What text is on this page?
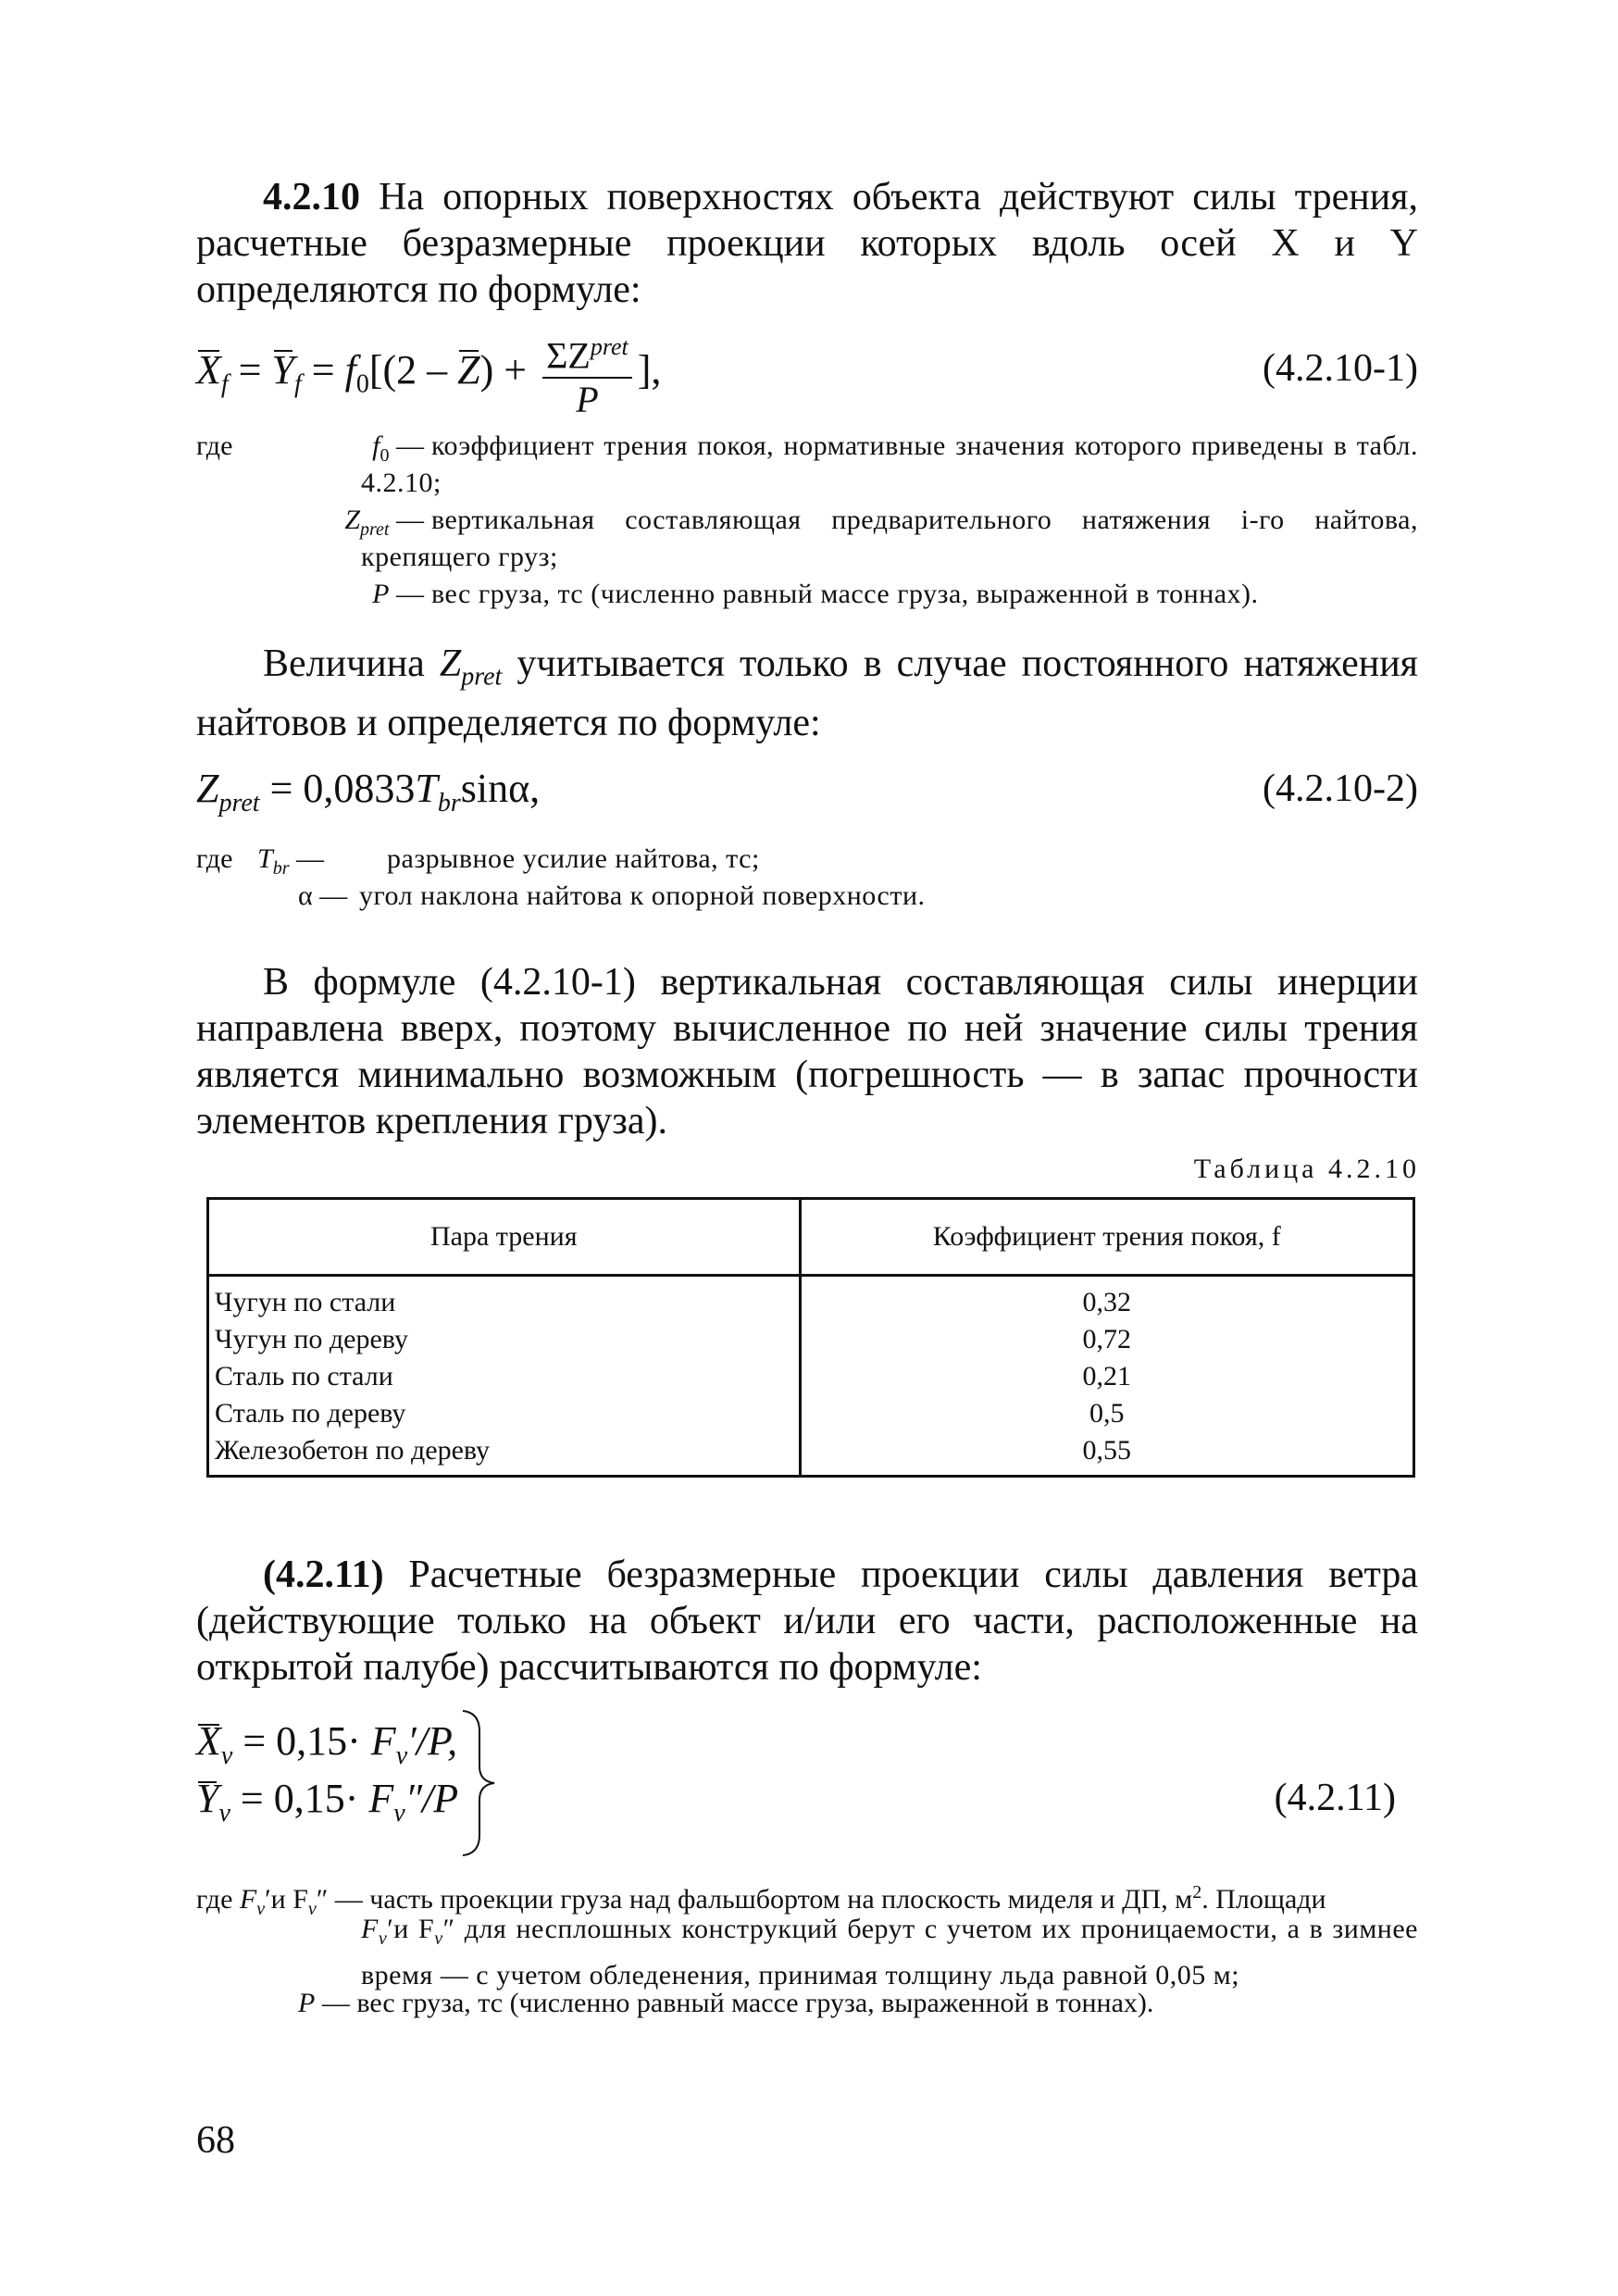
4.2.10 На опорных поверхностях объекта действуют силы трения, расчетные безразмерные проекции которых вдоль осей X и Y определяются по формуле:

$X_f = Y_f = f_0[(2 - Z) + \frac{\Sigma Z^{pret}}{P}$ ],	(4.2.10-1)
где	$f_0$ — коэффициент трения покоя, нормативные значения которого приведены в табл. 4.2.10;
$Z_{pret}$ — вертикальная составляющая предварительного натяжения i-го найтова, крепящего груз;
P — вес груза, тс (численно равный массе груза, выраженной в тоннах).

Величина $Z_{pret}$ учитывается только в случае постоянного натяжения найтовов и определяется по формуле:

$Z_{pret} = 0,0833T_{br}\sin\alpha$,	(4.2.10-2)
где $T_{br}$ — разрывное усилие найтова, тс;
α — угол наклона найтова к опорной поверхности.

В формуле (4.2.10-1) вертикальная составляющая силы инерции направлена вверх, поэтому вычисленное по ней значение силы трения является минимально возможным (погрешность — в запас прочности элементов крепления груза).

Таблица 4.2.10
Пара трения	Коэффициент трения покоя, f
Чугун по стали	0,32
Чугун по дереву	0,72
Сталь по стали	0,21
Сталь по дереву	0,5
Железобетон по дереву	0,55

(4.2.11) Расчетные безразмерные проекции силы давления ветра (действующие только на объект и/или его части, расположенные на открытой палубе) рассчитываются по формуле:

$X_v = 0,15\cdot F_v'/P$,
$Y_v = 0,15\cdot F_v''/P$	(4.2.11)
где $F_v'и$ $F_v''$ — часть проекции груза над фальшбортом на плоскость миделя и ДП, $м^2$. Площади
$F_v'и$ $F_v''$ для несплошных конструкций берут с учетом их проницаемости, а в зимнее время — с учетом обледенения, принимая толщину льда равной 0,05 м;
P — вес груза, тс (численно равный массе груза, выраженной в тоннах).
68
